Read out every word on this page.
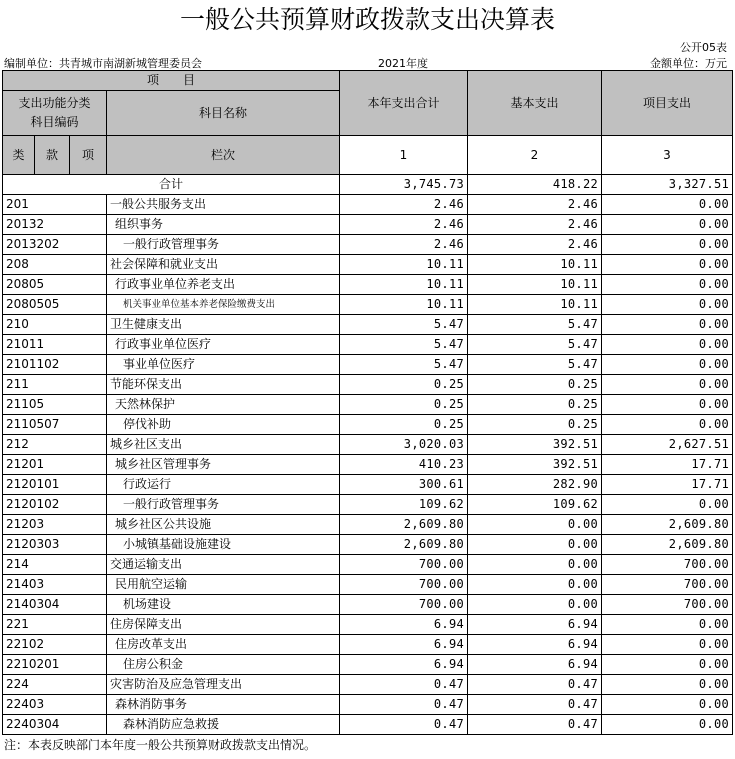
一般公共预算财政拨款支出决算表
公开05表
编制单位：共青城市南湖新城管理委员会	2021年度	金额单位：万元
项　　目				本年支出合计	基本支出	项目支出
支出功能分类科目编码			科目名称			

类	款	项	栏次	1	2	3
合计				3,745.73	418.22	3,327.51
201			一般公共服务支出	2.46	2.46	0.00
20132			组织事务	2.46	2.46	0.00
2013202			一般行政管理事务	2.46	2.46	0.00
208			社会保障和就业支出	10.11	10.11	0.00
20805			行政事业单位养老支出	10.11	10.11	0.00
2080505			机关事业单位基本养老保险缴费支出	10.11	10.11	0.00
210			卫生健康支出	5.47	5.47	0.00
21011			行政事业单位医疗	5.47	5.47	0.00
2101102			事业单位医疗	5.47	5.47	0.00
211			节能环保支出	0.25	0.25	0.00
21105			天然林保护	0.25	0.25	0.00
2110507			停伐补助	0.25	0.25	0.00
212			城乡社区支出	3,020.03	392.51	2,627.51
21201			城乡社区管理事务	410.23	392.51	17.71
2120101			行政运行	300.61	282.90	17.71
2120102			一般行政管理事务	109.62	109.62	0.00
21203			城乡社区公共设施	2,609.80	0.00	2,609.80
2120303			小城镇基础设施建设	2,609.80	0.00	2,609.80
214			交通运输支出	700.00	0.00	700.00
21403			民用航空运输	700.00	0.00	700.00
2140304			机场建设	700.00	0.00	700.00
221			住房保障支出	6.94	6.94	0.00
22102			住房改革支出	6.94	6.94	0.00
2210201			住房公积金	6.94	6.94	0.00
224			灾害防治及应急管理支出	0.47	0.47	0.00
22403			森林消防事务	0.47	0.47	0.00
2240304			森林消防应急救援	0.47	0.47	0.00
注：本表反映部门本年度一般公共预算财政拨款支出情况。
